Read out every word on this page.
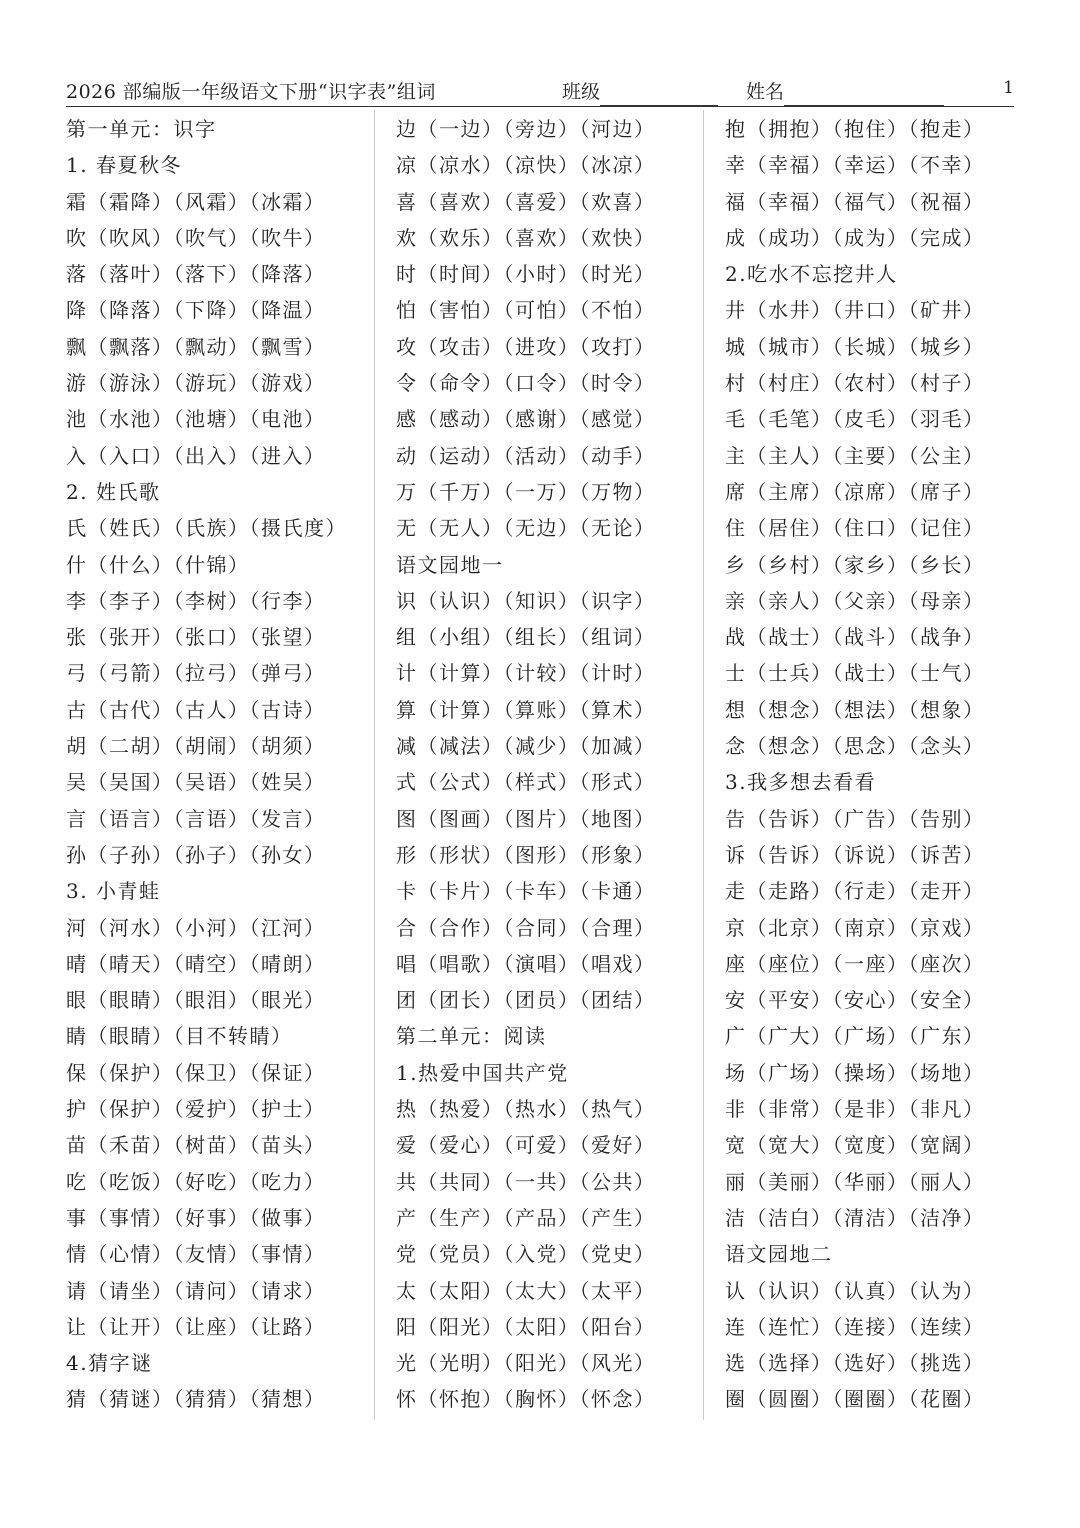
2026 部编版一年级语文下册“识字表”组词	班级	姓名	1
第一单元：识字
1. 春夏秋冬
霜（霜降）（风霜）（冰霜）
吹（吹风）（吹气）（吹牛）
落（落叶）（落下）（降落）
降（降落）（下降）（降温）
飘（飘落）（飘动）（飘雪）
游（游泳）（游玩）（游戏）
池（水池）（池塘）（电池）
入（入口）（出入）（进入）
2. 姓氏歌
氏（姓氏）（氏族）（摄氏度）
什（什么）（什锦）
李（李子）（李树）（行李）
张（张开）（张口）（张望）
弓（弓箭）（拉弓）（弹弓）
古（古代）（古人）（古诗）
胡（二胡）（胡闹）（胡须）
吴（吴国）（吴语）（姓吴）
言（语言）（言语）（发言）
孙（子孙）（孙子）（孙女）
3. 小青蛙
河（河水）（小河）（江河）
晴（晴天）（晴空）（晴朗）
眼（眼睛）（眼泪）（眼光）
睛（眼睛）（目不转睛）
保（保护）（保卫）（保证）
护（保护）（爱护）（护士）
苗（禾苗）（树苗）（苗头）
吃（吃饭）（好吃）（吃力）
事（事情）（好事）（做事）
情（心情）（友情）（事情）
请（请坐）（请问）（请求）
让（让开）（让座）（让路）
4.猜字谜
猜（猜谜）（猜猜）（猜想）
边（一边）（旁边）（河边）
凉（凉水）（凉快）（冰凉）
喜（喜欢）（喜爱）（欢喜）
欢（欢乐）（喜欢）（欢快）
时（时间）（小时）（时光）
怕（害怕）（可怕）（不怕）
攻（攻击）（进攻）（攻打）
令（命令）（口令）（时令）
感（感动）（感谢）（感觉）
动（运动）（活动）（动手）
万（千万）（一万）（万物）
无（无人）（无边）（无论）
语文园地一
识（认识）（知识）（识字）
组（小组）（组长）（组词）
计（计算）（计较）（计时）
算（计算）（算账）（算术）
减（减法）（减少）（加减）
式（公式）（样式）（形式）
图（图画）（图片）（地图）
形（形状）（图形）（形象）
卡（卡片）（卡车）（卡通）
合（合作）（合同）（合理）
唱（唱歌）（演唱）（唱戏）
团（团长）（团员）（团结）
第二单元：阅读
1.热爱中国共产党
热（热爱）（热水）（热气）
爱（爱心）（可爱）（爱好）
共（共同）（一共）（公共）
产（生产）（产品）（产生）
党（党员）（入党）（党史）
太（太阳）（太大）（太平）
阳（阳光）（太阳）（阳台）
光（光明）（阳光）（风光）
怀（怀抱）（胸怀）（怀念）
抱（拥抱）（抱住）（抱走）
幸（幸福）（幸运）（不幸）
福（幸福）（福气）（祝福）
成（成功）（成为）（完成）
2.吃水不忘挖井人
井（水井）（井口）（矿井）
城（城市）（长城）（城乡）
村（村庄）（农村）（村子）
毛（毛笔）（皮毛）（羽毛）
主（主人）（主要）（公主）
席（主席）（凉席）（席子）
住（居住）（住口）（记住）
乡（乡村）（家乡）（乡长）
亲（亲人）（父亲）（母亲）
战（战士）（战斗）（战争）
士（士兵）（战士）（士气）
想（想念）（想法）（想象）
念（想念）（思念）（念头）
3.我多想去看看
告（告诉）（广告）（告别）
诉（告诉）（诉说）（诉苦）
走（走路）（行走）（走开）
京（北京）（南京）（京戏）
座（座位）（一座）（座次）
安（平安）（安心）（安全）
广（广大）（广场）（广东）
场（广场）（操场）（场地）
非（非常）（是非）（非凡）
宽（宽大）（宽度）（宽阔）
丽（美丽）（华丽）（丽人）
洁（洁白）（清洁）（洁净）
语文园地二
认（认识）（认真）（认为）
连（连忙）（连接）（连续）
选（选择）（选好）（挑选）
圈（圆圈）（圈圈）（花圈）
